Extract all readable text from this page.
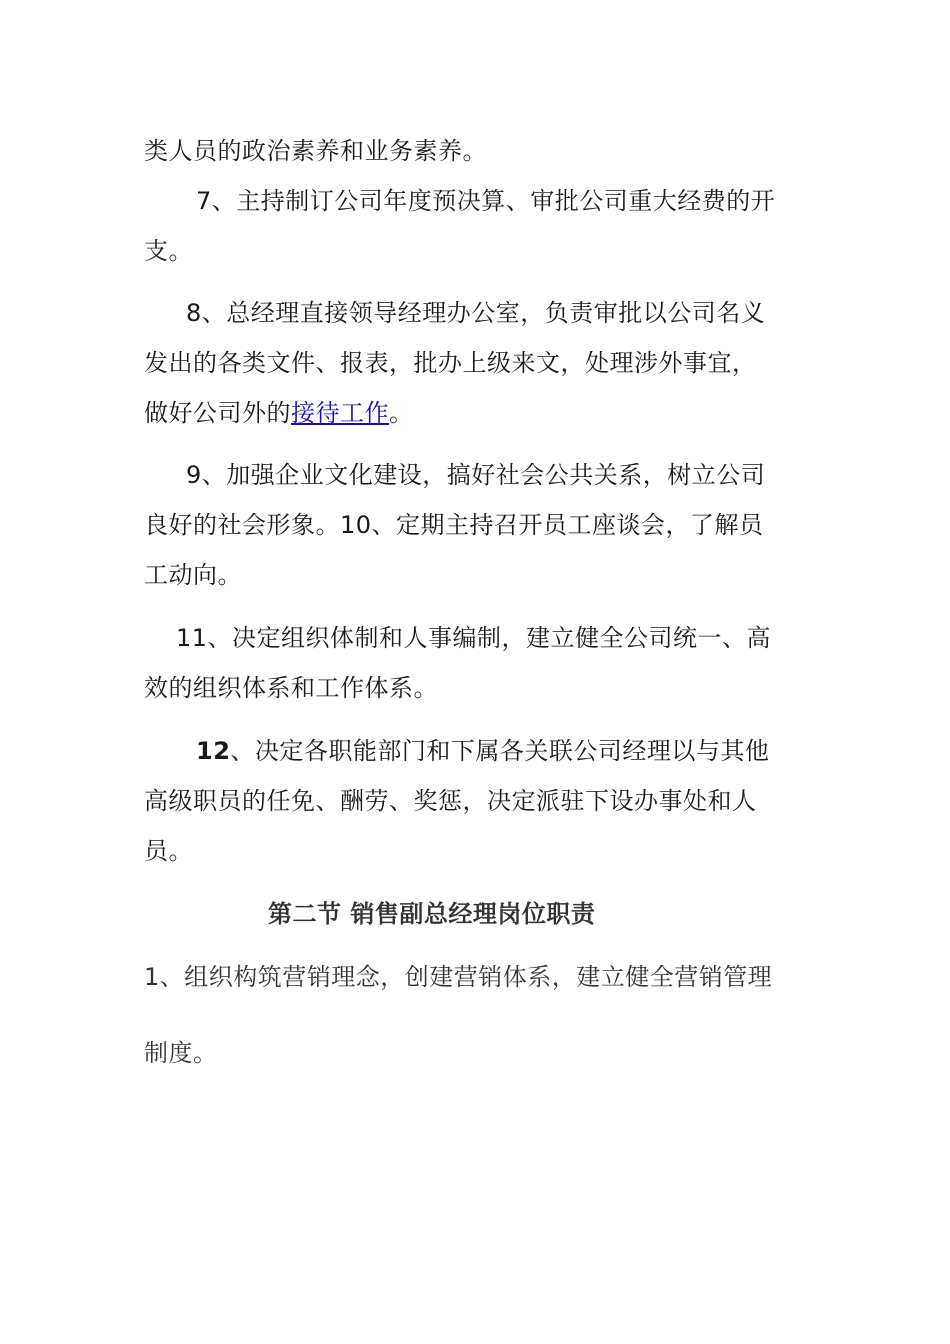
类人员的政治素养和业务素养。
7、主持制订公司年度预决算、审批公司重大经费的开
支。
8、总经理直接领导经理办公室，负责审批以公司名义
发出的各类文件、报表，批办上级来文，处理涉外事宜，
做好公司外的接待工作。
9、加强企业文化建设，搞好社会公共关系，树立公司
良好的社会形象。10、定期主持召开员工座谈会，了解员
工动向。
11、决定组织体制和人事编制，建立健全公司统一、高
效的组织体系和工作体系。
12、决定各职能部门和下属各关联公司经理以与其他
高级职员的任免、酬劳、奖惩，决定派驻下设办事处和人
员。
第二节 销售副总经理岗位职责
1、组织构筑营销理念，创建营销体系，建立健全营销管理
制度。
